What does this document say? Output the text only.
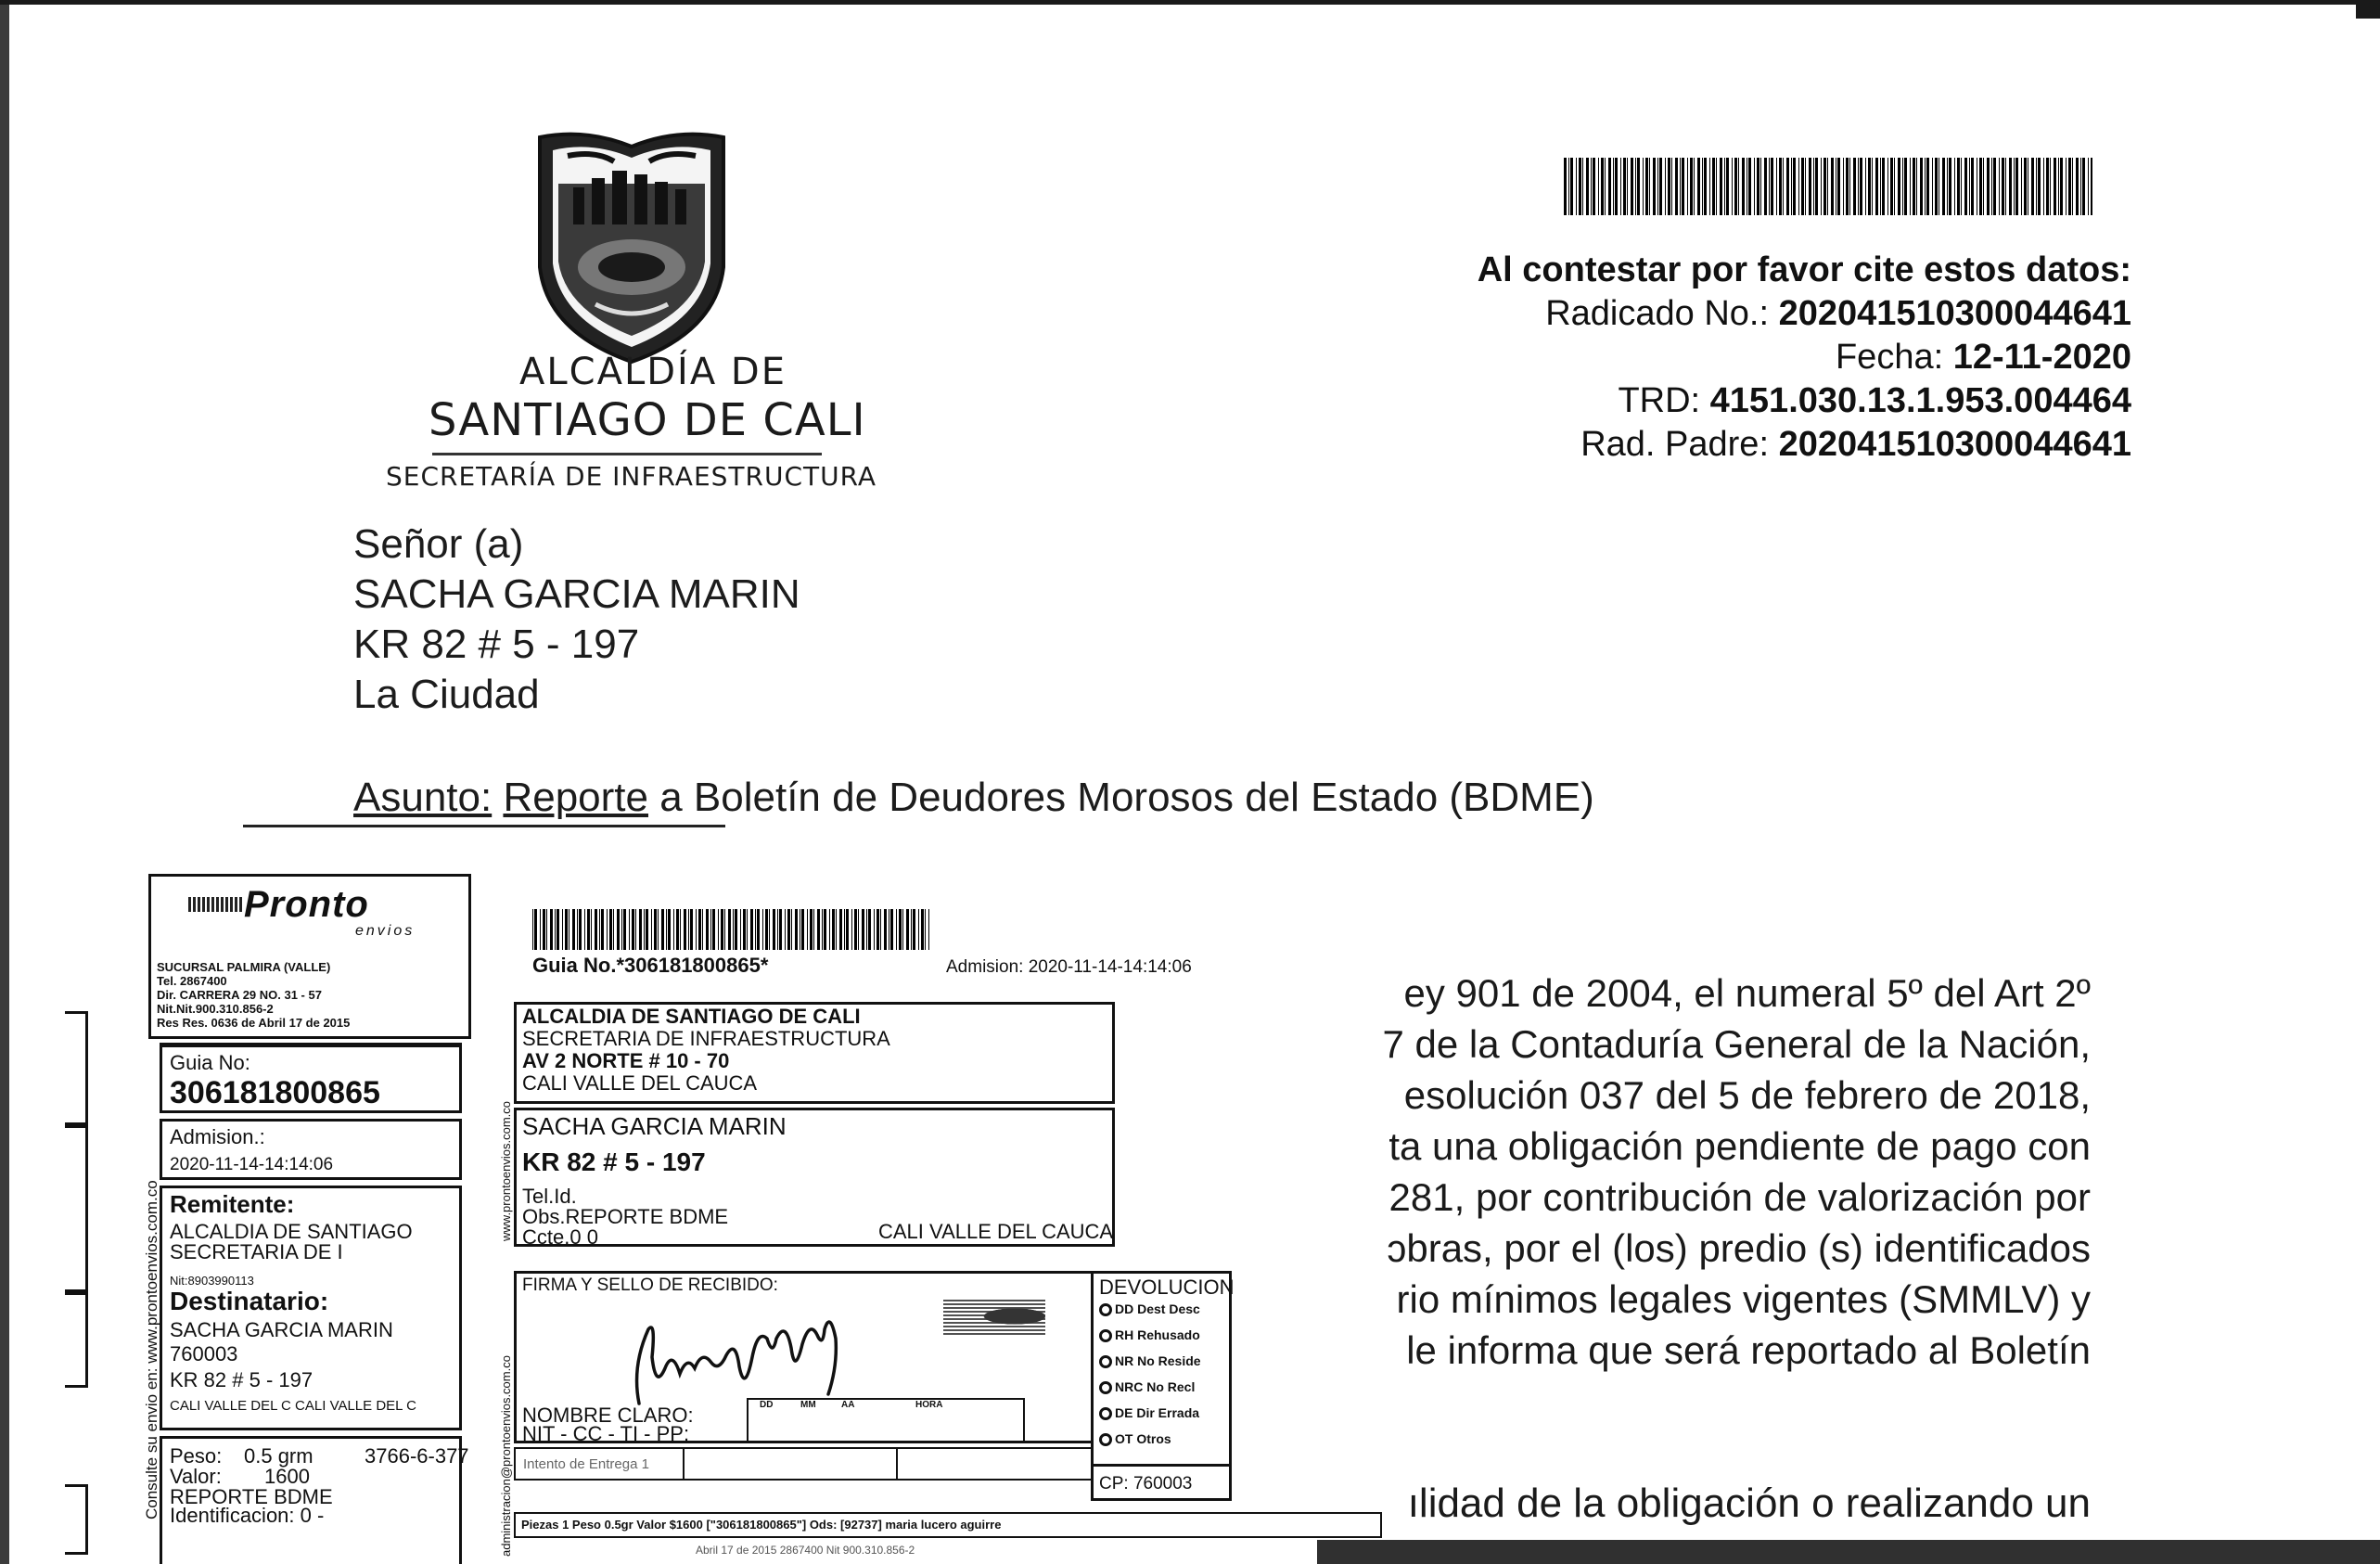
ALCALDÍA DE
SANTIAGO DE CALI
SECRETARÍA DE INFRAESTRUCTURA
Al contestar por favor cite estos datos:
Radicado No.: 202041510300044641
Fecha: 12-11-2020
TRD: 4151.030.13.1.953.004464
Rad. Padre: 202041510300044641
Señor (a)
SACHA GARCIA MARIN
KR 82 # 5 - 197
La Ciudad
Asunto: Reporte a Boletín de Deudores Morosos del Estado (BDME)
ey 901 de 2004, el numeral 5º del Art 2º
7 de la Contaduría General de la Nación,
esolución 037 del 5 de febrero de 2018,
ta una obligación pendiente de pago con
281, por contribución de valorización por
ɔbras, por el (los) predio (s) identificados
rio mínimos legales vigentes (SMMLV) y
le informa que será reportado al Boletín
ılidad de la obligación o realizando un
Pronto
envios
SUCURSAL PALMIRA (VALLE)
Tel. 2867400
Dir. CARRERA 29 NO. 31 - 57
Nit.Nit.900.310.856-2
Res Res. 0636 de Abril 17 de 2015
Guia No:
306181800865
Admision.:
2020-11-14-14:14:06
Remitente:
ALCALDIA DE SANTIAGO
SECRETARIA DE I
Nit:8903990113
Destinatario:
SACHA GARCIA MARIN
760003
KR 82 # 5 - 197
CALI VALLE DEL C CALI VALLE DEL C
Peso: 0.5 grm
Valor: 1600
3766-6-377
REPORTE BDME
Identificacion: 0 -
Consulte su envio en: www.prontoenvios.com.co
www.prontoenvios.com.co
administracion@prontoenvios.com.co
Guia No.*306181800865*	Admision: 2020-11-14-14:14:06
ALCALDIA DE SANTIAGO DE CALI
SECRETARIA DE INFRAESTRUCTURA
AV 2 NORTE # 10 - 70
CALI VALLE DEL CAUCA
SACHA GARCIA MARIN
KR 82 # 5 - 197
Tel.Id.
Obs.REPORTE BDME
Ccte.0 0	CALI VALLE DEL CAUCA
FIRMA Y SELLO DE RECIBIDO:
NOMBRE CLARO:
NIT - CC - TI - PP:
DD	MM	AA	HORA
Intento de Entrega 1
DEVOLUCION
DD Dest Desc
RH Rehusado
NR No Reside
NRC No Recl
DE Dir Errada
OT Otros
CP: 760003
Piezas 1 Peso 0.5gr Valor $1600 ["306181800865"] Ods: [92737] maria lucero aguirre
Abril 17 de 2015 2867400 Nit 900.310.856-2
